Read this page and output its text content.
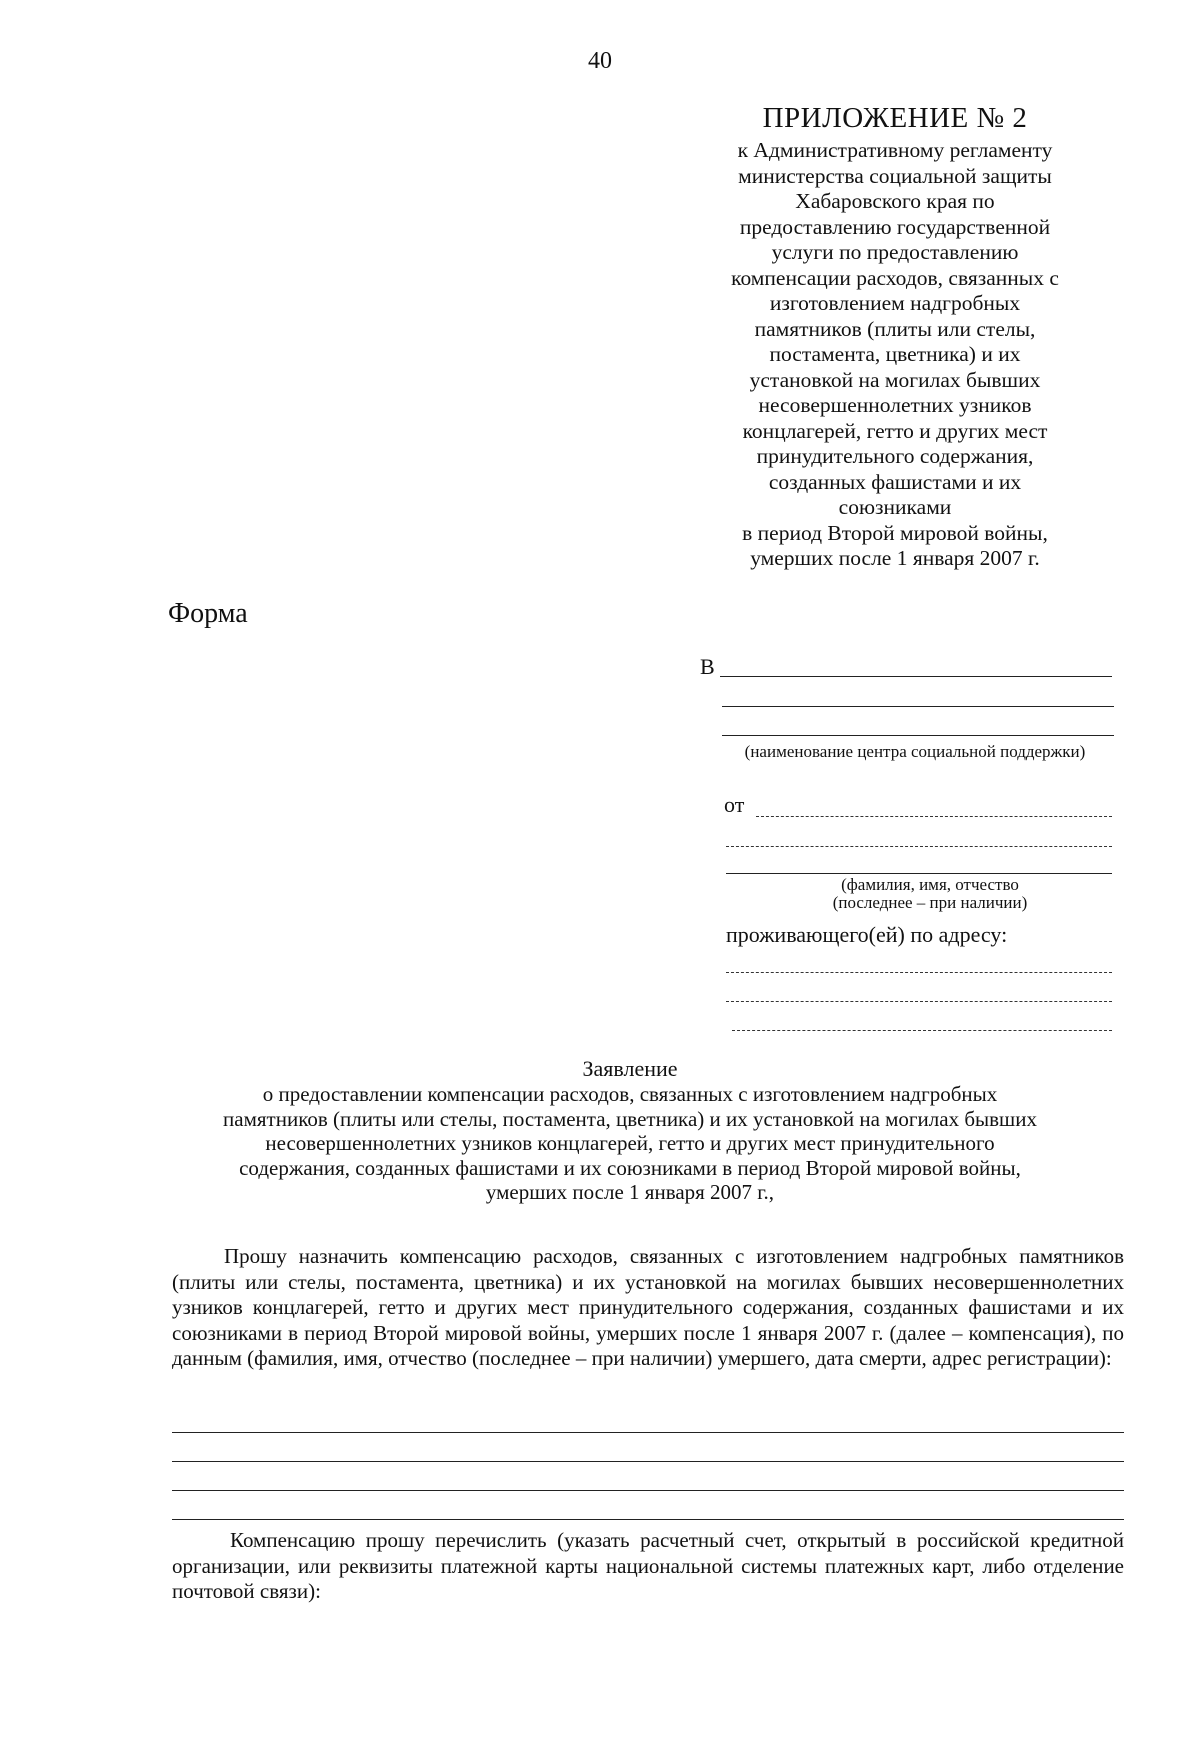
40
ПРИЛОЖЕНИЕ № 2
к Административному регламенту
министерства социальной защиты
Хабаровского края по
предоставлению государственной
услуги по предоставлению
компенсации расходов, связанных с
изготовлением надгробных
памятников (плиты или стелы,
постамента, цветника) и их
установкой на могилах бывших
несовершеннолетних узников
концлагерей, гетто и других мест
принудительного содержания,
созданных фашистами и их
союзниками
в период Второй мировой войны,
умерших после 1 января 2007 г.
Форма
В
(наименование центра социальной поддержки)
от
(фамилия, имя, отчество
(последнее – при наличии)
проживающего(ей) по адресу:
Заявление
о предоставлении компенсации расходов, связанных с изготовлением надгробных
памятников (плиты или стелы, постамента, цветника) и их установкой на могилах бывших
несовершеннолетних узников концлагерей, гетто и других мест принудительного
содержания, созданных фашистами и их союзниками в период Второй мировой войны,
умерших после 1 января 2007 г.,
Прошу назначить компенсацию расходов, связанных с изготовлением надгробных памятников (плиты или стелы, постамента, цветника) и их установкой на могилах бывших несовершеннолетних узников концлагерей, гетто и других мест принудительного содержания, созданных фашистами и их союзниками в период Второй мировой войны, умерших после 1 января 2007 г. (далее – компенсация), по данным (фамилия, имя, отчество (последнее – при наличии) умершего, дата смерти, адрес регистрации):
Компенсацию прошу перечислить (указать расчетный счет, открытый в российской кредитной организации, или реквизиты платежной карты национальной системы платежных карт, либо отделение почтовой связи):
